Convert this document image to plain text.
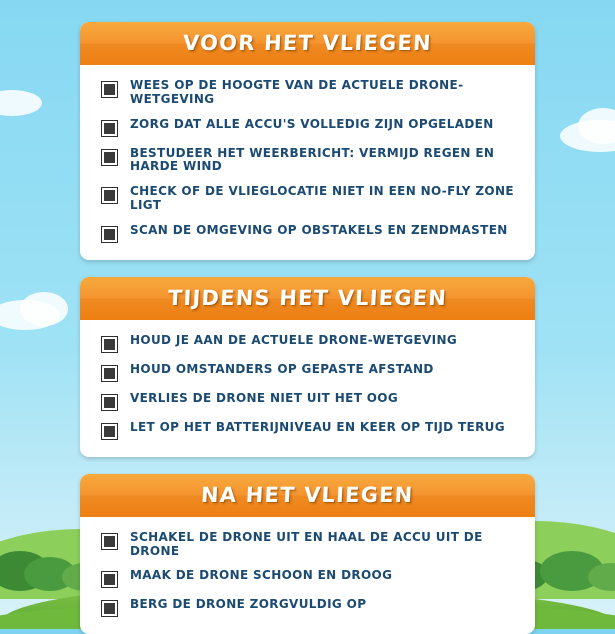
VOOR HET VLIEGEN
WEES OP DE HOOGTE VAN DE ACTUELE DRONE-WETGEVING
ZORG DAT ALLE ACCU'S VOLLEDIG ZIJN OPGELADEN
BESTUDEER HET WEERBERICHT: VERMIJD REGEN EN HARDE WIND
CHECK OF DE VLIEGLOCATIE NIET IN EEN NO-FLY ZONE LIGT
SCAN DE OMGEVING OP OBSTAKELS EN ZENDMASTEN
TIJDENS HET VLIEGEN
HOUD JE AAN DE ACTUELE DRONE-WETGEVING
HOUD OMSTANDERS OP GEPASTE AFSTAND
VERLIES DE DRONE NIET UIT HET OOG
LET OP HET BATTERIJNIVEAU EN KEER OP TIJD TERUG
NA HET VLIEGEN
SCHAKEL DE DRONE UIT EN HAAL DE ACCU UIT DE DRONE
MAAK DE DRONE SCHOON EN DROOG
BERG DE DRONE ZORGVULDIG OP
